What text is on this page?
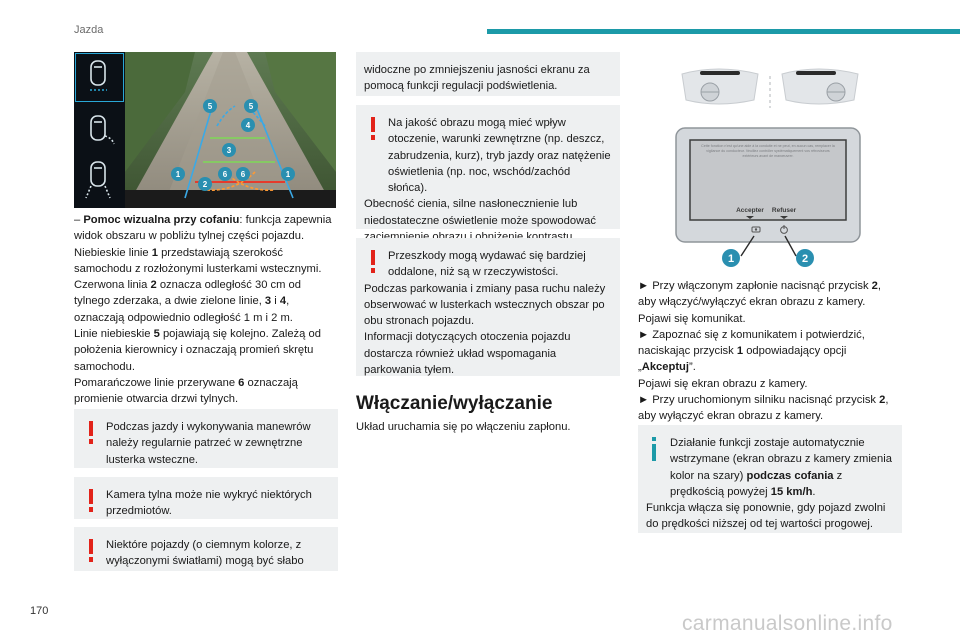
Jazda
5	5
4
3
1
2
6 6	1

– Pomoc wizualna przy cofaniu: funkcja zapewnia widok obszaru w pobliżu tylnej części pojazdu.
Niebieskie linie 1 przedstawiają szerokość samochodu z rozłożonymi lusterkami wstecznymi.
Czerwona linia 2 oznacza odległość 30 cm od tylnego zderzaka, a dwie zielone linie, 3 i 4, oznaczają odpowiednio odległość 1 m i 2 m.
Linie niebieskie 5 pojawiają się kolejno. Zależą od położenia kierownicy i oznaczają promień skrętu samochodu.
Pomarańczowe linie przerywane 6 oznaczają promienie otwarcia drzwi tylnych.

Podczas jazdy i wykonywania manewrów należy regularnie patrzeć w zewnętrzne lusterka wsteczne.

Kamera tylna może nie wykryć niektórych przedmiotów.

Niektóre pojazdy (o ciemnym kolorze, z wyłączonymi światłami) mogą być słabo

widoczne po zmniejszeniu jasności ekranu za pomocą funkcji regulacji podświetlenia.

Na jakość obrazu mogą mieć wpływ otoczenie, warunki zewnętrzne (np. deszcz, zabrudzenia, kurz), tryb jazdy oraz natężenie oświetlenia (np. noc, wschód/zachód słońca).

Obecność cienia, silne nasłonecznienie lub niedostateczne oświetlenie może spowodować

Przeszkody mogą wydawać się bardziej oddalone, niż są w rzeczywistości.

Podczas parkowania i zmiany pasa ruchu należy obserwować w lusterkach wstecznych obszar po obu stronach pojazdu.

Informacji dotyczących otoczenia pojazdu dostarcza również układ wspomagania parkowania tyłem.

Włączanie/wyłączanie

Układ uruchamia się po włączeniu zapłonu.

Cette fonction n'est qu'une aide à la conduite et ne peut, en aucun cas, remplacer la vigilance du conducteur. Veuillez contrôler systématiquement vos rétroviseurs extérieurs avant de manœuvrer.
Accepter Refuser
1	2

► Przy włączonym zapłonie nacisnąć przycisk 2, aby włączyć/wyłączyć ekran obrazu z kamery.
Pojawi się komunikat.

► Zapoznać się z komunikatem i potwierdzić, naciskając przycisk 1 odpowiadający opcji „Akceptuj”.
Pojawi się ekran obrazu z kamery.

► Przy uruchomionym silniku nacisnąć przycisk 2, aby wyłączyć ekran obrazu z kamery.

Działanie funkcji zostaje automatycznie wstrzymane (ekran obrazu z kamery zmienia kolor na szary) podczas cofania z prędkością powyżej 15 km/h.

Funkcja włącza się ponownie, gdy pojazd zwolni do prędkości niższej od tej wartości progowej.

170
carmanualsonline.info
